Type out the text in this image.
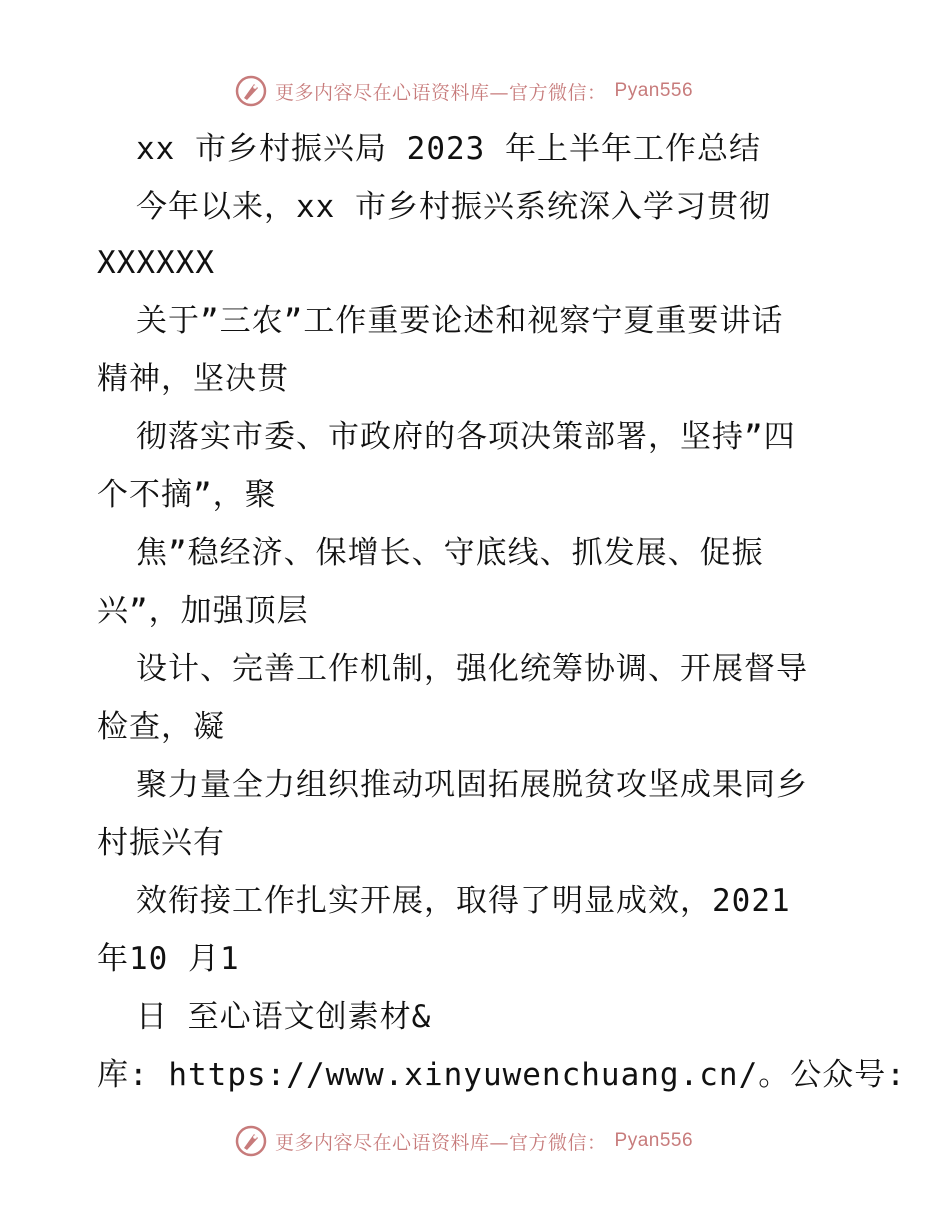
更多内容尽在心语资料库—官方微信： Pyan556
xx 市乡村振兴局 2023 年上半年工作总结
今年以来，xx 市乡村振兴系统深入学习贯彻
XXXXXX
关于”三农”工作重要论述和视察宁夏重要讲话
精神，坚决贯
彻落实市委、市政府的各项决策部署，坚持”四
个不摘”，聚
焦”稳经济、保增长、守底线、抓发展、促振
兴”，加强顶层
设计、完善工作机制，强化统筹协调、开展督导
检查，凝
聚力量全力组织推动巩固拓展脱贫攻坚成果同乡
村振兴有
效衔接工作扎实开展，取得了明显成效，2021
年10 月1
日 至心语文创素材&
库: https://www.xinyuwenchuang.cn/。公众号:
更多内容尽在心语资料库—官方微信： Pyan556
